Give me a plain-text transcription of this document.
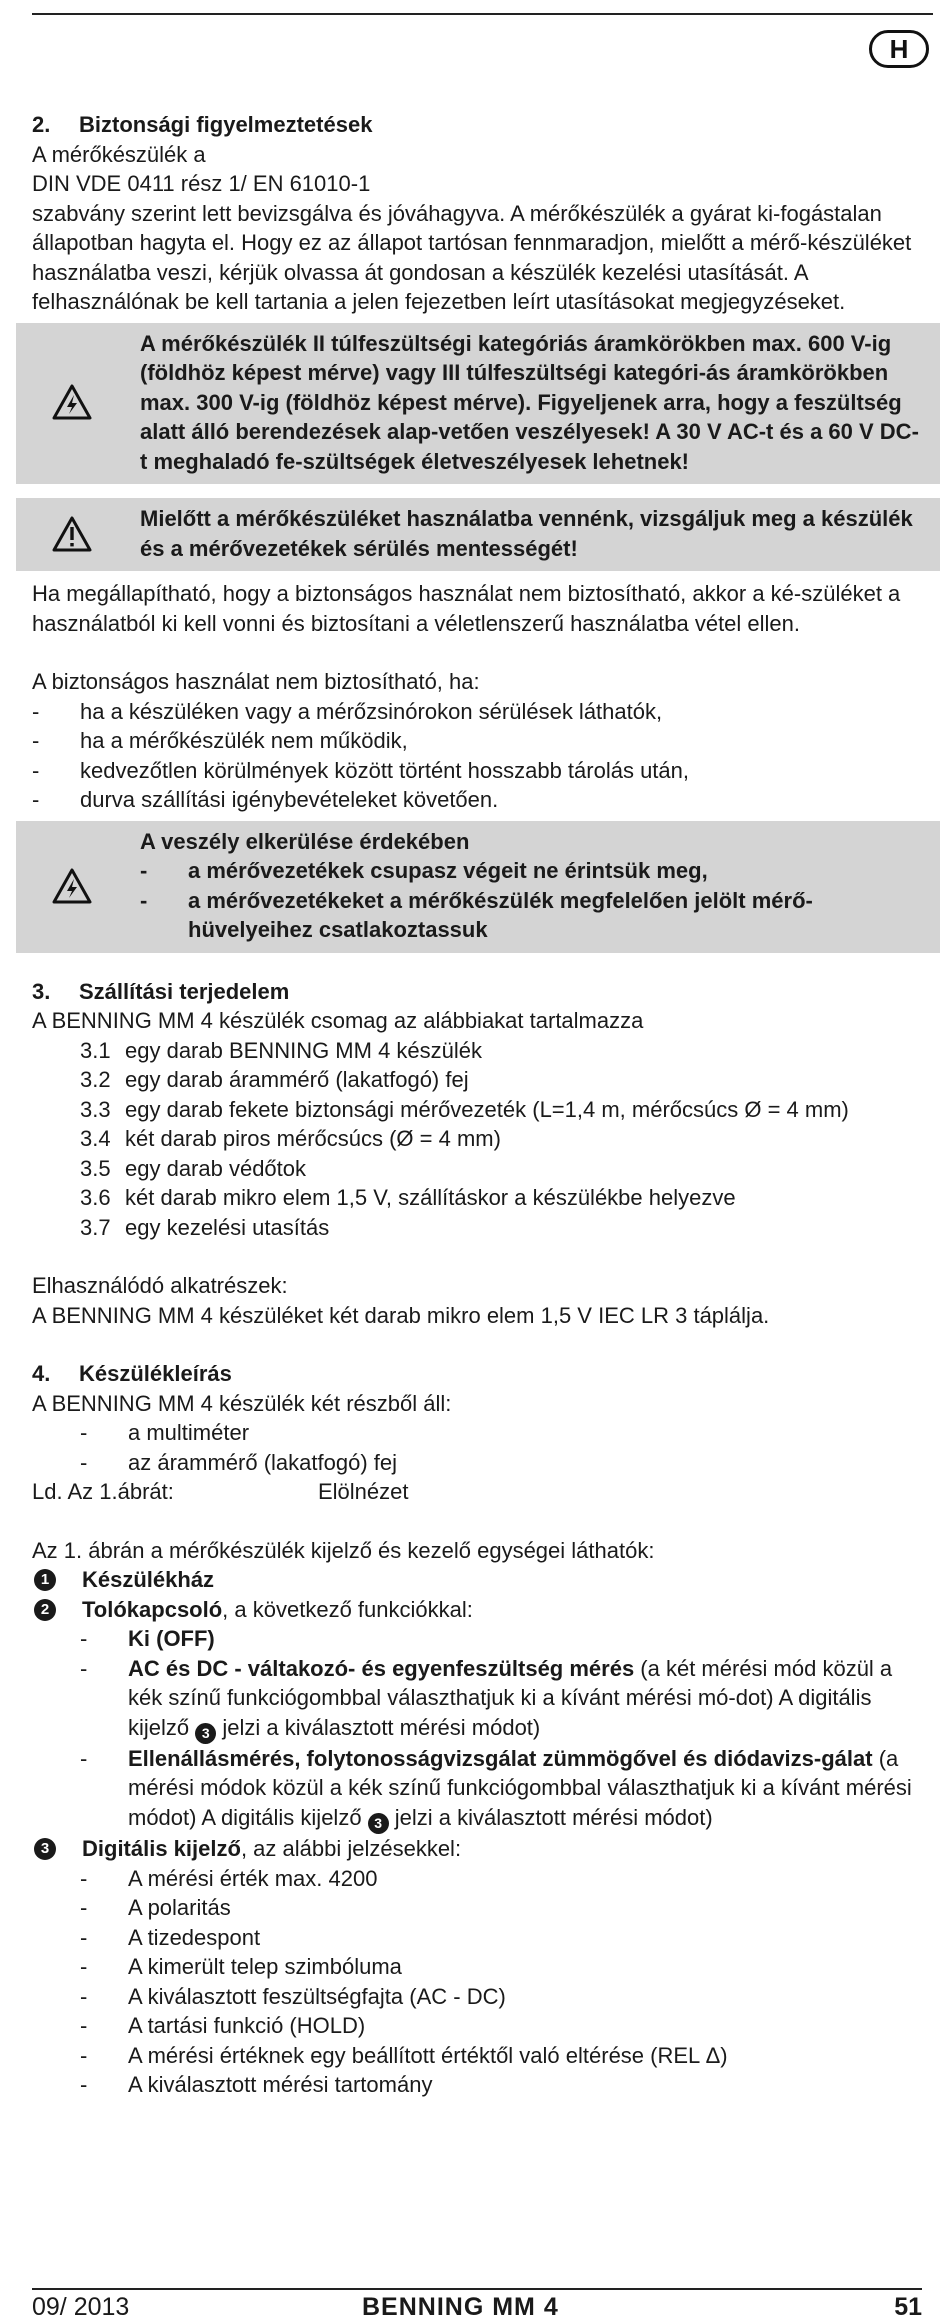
H

2. Biztonsági figyelmeztetések

A mérőkészülék a

DIN VDE 0411 rész 1/ EN 61010-1

szabvány szerint lett bevizsgálva és jóváhagyva. A mérőkészülék a gyárat ki-fogástalan

állapotban hagyta el. Hogy ez az állapot tartósan fennmaradjon, mielőtt a mérő-készüléket használatba veszi, kérjük olvassa át gondosan a készülék kezelési utasítását. A felhasználónak be kell tartania a jelen fejezetben leírt utasításokat megjegyzéseket.

A mérőkészülék II túlfeszültségi kategóriás áramkörökben max. 600 V-ig (földhöz képest mérve) vagy III túlfeszültségi kategóri-ás áramkörökben max. 300 V-ig (földhöz képest mérve). Figyeljenek arra, hogy a feszültség alatt álló berendezések alap-vetően veszélyesek! A 30 V AC-t és a 60 V DC-t meghaladó fe-szültségek életveszélyesek lehetnek!
Mielőtt a mérőkészüléket használatba vennénk, vizsgáljuk meg a készülék és a mérővezetékek sérülés mentességét!

Ha megállapítható, hogy a biztonságos használat nem biztosítható, akkor a ké-szüléket a használatból ki kell vonni és biztosítani a véletlenszerű használatba vétel ellen.

A biztonságos használat nem biztosítható, ha:

-	ha a készüléken vagy a mérőzsinórokon sérülések láthatók,
-	ha a mérőkészülék nem működik,
-	kedvezőtlen körülmények között történt hosszabb tárolás után,
-	durva szállítási igénybevételeket követően.
A veszély elkerülése érdekében
-	a mérővezetékek csupasz végeit ne érintsük meg,
-	a mérővezetékeket a mérőkészülék megfelelően jelölt mérő-hüvelyeihez csatlakoztassuk

3. Szállítási terjedelem

A BENNING MM 4 készülék csomag az alábbiakat tartalmazza

3.1 egy darab BENNING MM 4 készülék
3.2 egy darab árammérő (lakatfogó) fej
3.3 egy darab fekete biztonsági mérővezeték (L=1,4 m, mérőcsúcs Ø = 4 mm)
3.4 két darab piros mérőcsúcs (Ø = 4 mm)
3.5 egy darab védőtok
3.6 két darab mikro elem 1,5 V, szállításkor a készülékbe helyezve
3.7 egy kezelési utasítás

Elhasználódó alkatrészek:

A BENNING MM 4 készüléket két darab mikro elem 1,5 V IEC LR 3 táplálja.

4. Készülékleírás

A BENNING MM 4 készülék két részből áll:

-	a multiméter
-	az árammérő (lakatfogó) fej

Ld. Az 1.ábrát:	Elölnézet

Az 1. ábrán a mérőkészülék kijelző és kezelő egységei láthatók:

1	Készülékház
2	Tolókapcsoló, a következő funkciókkal:
-	Ki (OFF)
-	AC és DC - váltakozó- és egyenfeszültség mérés (a két mérési mód közül a kék színű funkciógombbal választhatjuk ki a kívánt mérési mó-dot) A digitális kijelző 3 jelzi a kiválasztott mérési módot)
-	Ellenállásmérés, folytonosságvizsgálat zümmögővel és diódavizs-gálat (a mérési módok közül a kék színű funkciógombbal választhatjuk ki a kívánt mérési módot) A digitális kijelző 3 jelzi a kiválasztott mérési módot)
3	Digitális kijelző, az alábbi jelzésekkel:
-	A mérési érték max. 4200
-	A polaritás
-	A tizedespont
-	A kimerült telep szimbóluma
-	A kiválasztott feszültségfajta (AC - DC)
-	A tartási funkció (HOLD)
-	A mérési értéknek egy beállított értéktől való eltérése (REL Δ)
-	A kiválasztott mérési tartomány
09/ 2013	BENNING MM 4	51
